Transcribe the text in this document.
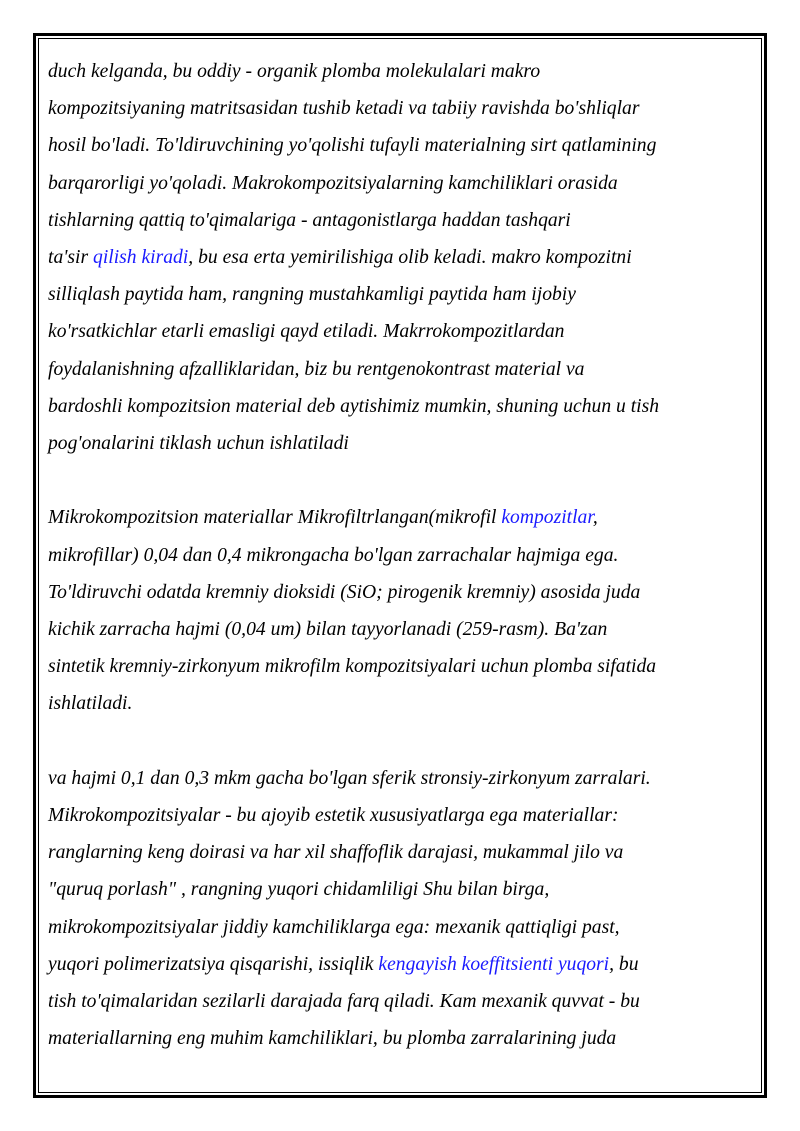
duch kelganda, bu oddiy - organik plomba molekulalari makro
kompozitsiyaning matritsasidan tushib ketadi va tabiiy ravishda bo'shliqlar
hosil bo'ladi. To'ldiruvchining yo'qolishi tufayli materialning sirt qatlamining
barqarorligi yo'qoladi. Makrokompozitsiyalarning kamchiliklari orasida
tishlarning qattiq to'qimalariga - antagonistlarga haddan tashqari
ta'sir qilish kiradi, bu esa erta yemirilishiga olib keladi. makro kompozitni
silliqlash paytida ham, rangning mustahkamligi paytida ham ijobiy
ko'rsatkichlar etarli emasligi qayd etiladi. Makrrokompozitlardan
foydalanishning afzalliklaridan, biz bu rentgenokontrast material va
bardoshli kompozitsion material deb aytishimiz mumkin, shuning uchun u tish
pog'onalarini tiklash uchun ishlatiladi
Mikrokompozitsion materiallar Mikrofiltrlangan(mikrofil kompozitlar,
mikrofillar) 0,04 dan 0,4 mikrongacha bo'lgan zarrachalar hajmiga ega.
To'ldiruvchi odatda kremniy dioksidi (SiO; pirogenik kremniy) asosida juda
kichik zarracha hajmi (0,04 um) bilan tayyorlanadi (259-rasm). Ba'zan
sintetik kremniy-zirkonyum mikrofilm kompozitsiyalari uchun plomba sifatida
ishlatiladi.
va hajmi 0,1 dan 0,3 mkm gacha bo'lgan sferik stronsiy-zirkonyum zarralari.
Mikrokompozitsiyalar - bu ajoyib estetik xususiyatlarga ega materiallar:
ranglarning keng doirasi va har xil shaffoflik darajasi, mukammal jilo va
"quruq porlash" , rangning yuqori chidamliligi Shu bilan birga,
mikrokompozitsiyalar jiddiy kamchiliklarga ega: mexanik qattiqligi past,
yuqori polimerizatsiya qisqarishi, issiqlik kengayish koeffitsienti yuqori, bu
tish to'qimalaridan sezilarli darajada farq qiladi. Kam mexanik quvvat - bu
materiallarning eng muhim kamchiliklari, bu plomba zarralarining juda
